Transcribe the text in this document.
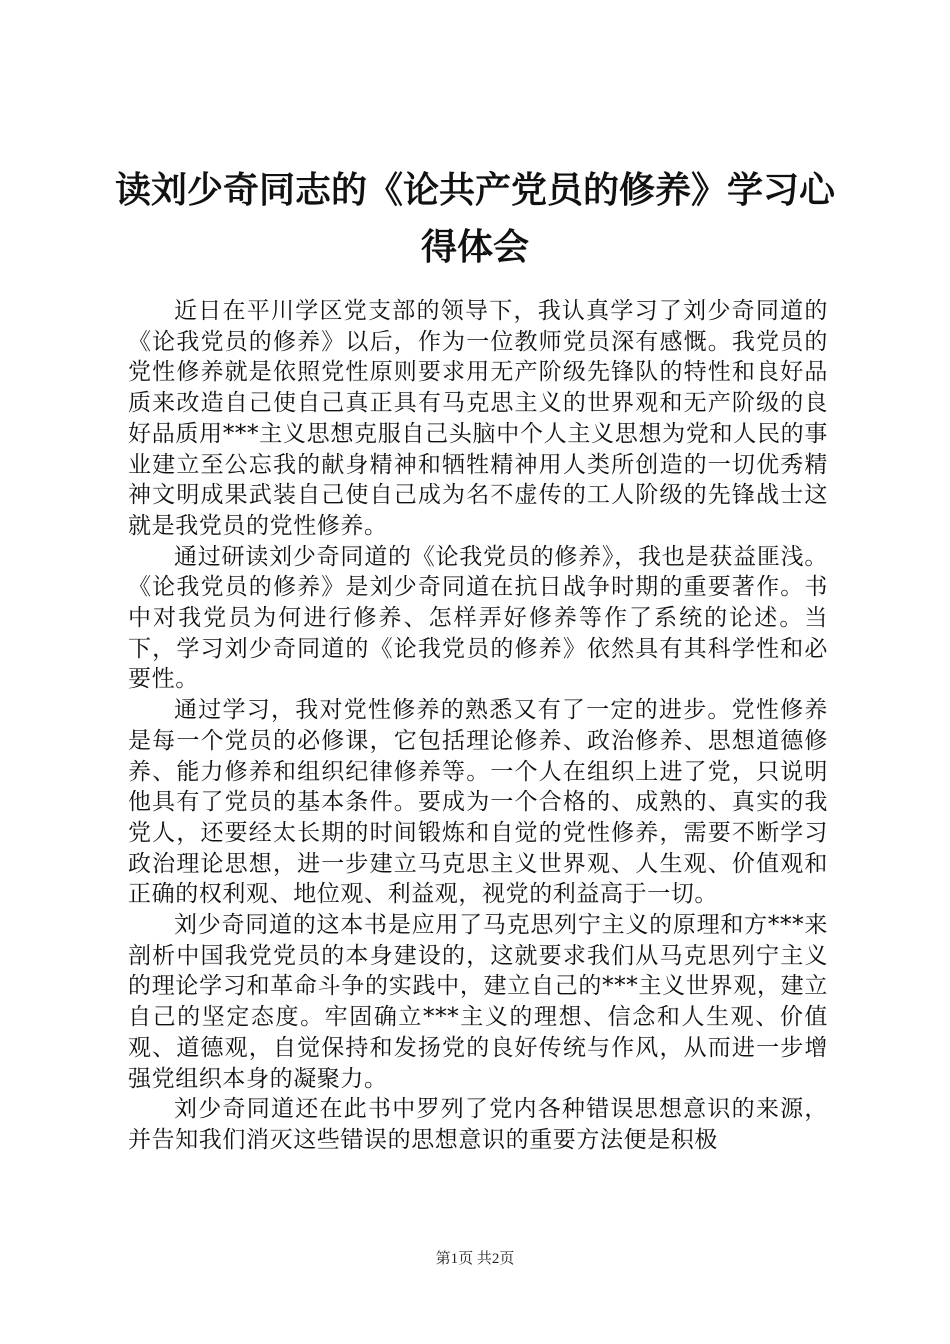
读刘少奇同志的《论共产党员的修养》学习心
得体会

近日在平川学区党支部的领导下，我认真学习了刘少奇同道的《论我党员的修养》以后，作为一位教师党员深有感慨。我党员的党性修养就是依照党性原则要求用无产阶级先锋队的特性和良好品质来改造自己使自己真正具有马克思主义的世界观和无产阶级的良好品质用***主义思想克服自己头脑中个人主义思想为党和人民的事业建立至公忘我的献身精神和牺牲精神用人类所创造的一切优秀精神文明成果武装自己使自己成为名不虚传的工人阶级的先锋战士这就是我党员的党性修养。

通过研读刘少奇同道的《论我党员的修养》，我也是获益匪浅。《论我党员的修养》是刘少奇同道在抗日战争时期的重要著作。书中对我党员为何进行修养、怎样弄好修养等作了系统的论述。当下，学习刘少奇同道的《论我党员的修养》依然具有其科学性和必要性。

通过学习，我对党性修养的熟悉又有了一定的进步。党性修养是每一个党员的必修课，它包括理论修养、政治修养、思想道德修养、能力修养和组织纪律修养等。一个人在组织上进了党，只说明他具有了党员的基本条件。要成为一个合格的、成熟的、真实的我党人，还要经太长期的时间锻炼和自觉的党性修养，需要不断学习政治理论思想，进一步建立马克思主义世界观、人生观、价值观和正确的权利观、地位观、利益观，视党的利益高于一切。

刘少奇同道的这本书是应用了马克思列宁主义的原理和方***来剖析中国我党党员的本身建设的，这就要求我们从马克思列宁主义的理论学习和革命斗争的实践中，建立自己的***主义世界观，建立自己的坚定态度。牢固确立***主义的理想、信念和人生观、价值观、道德观，自觉保持和发扬党的良好传统与作风，从而进一步增强党组织本身的凝聚力。

刘少奇同道还在此书中罗列了党内各种错误思想意识的来源，并告知我们消灭这些错误的思想意识的重要方法便是积极

第1页 共2页
